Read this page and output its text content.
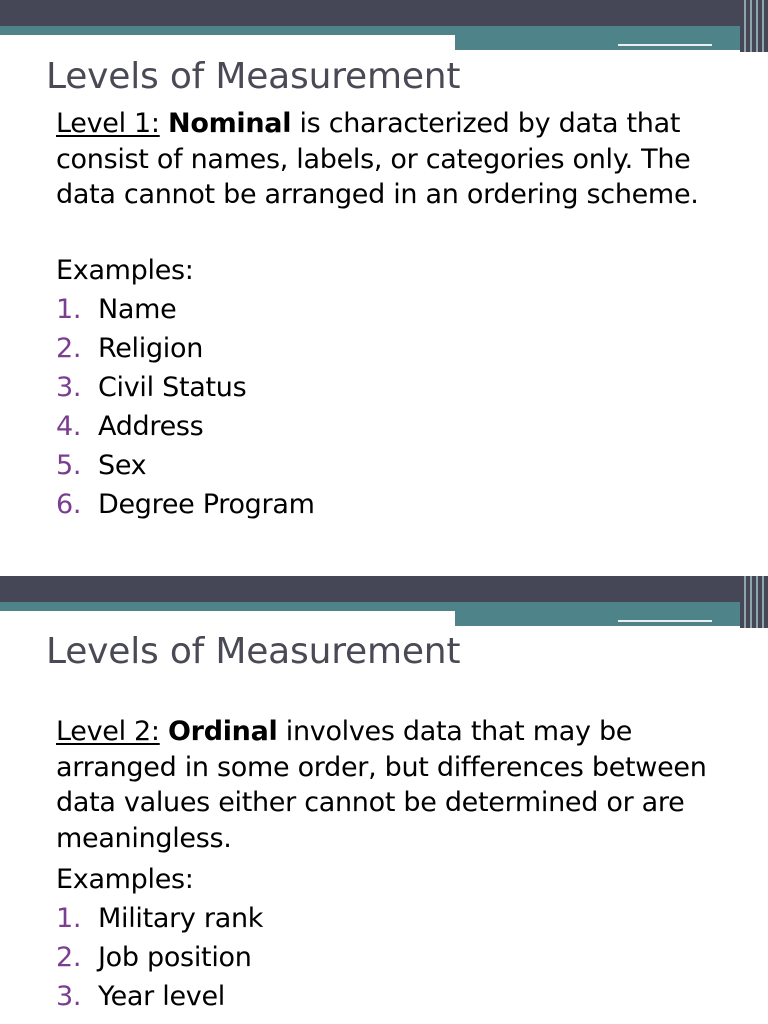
Levels of Measurement

Level 1: Nominal is characterized by data that consist of names, labels, or categories only. The data cannot be arranged in an ordering scheme.

Examples:
1. Name
2. Religion
3. Civil Status
4. Address
5. Sex
6. Degree Program
Levels of Measurement

Level 2: Ordinal involves data that may be arranged in some order, but differences between data values either cannot be determined or are meaningless.

Examples:
1. Military rank
2. Job position
3. Year level
